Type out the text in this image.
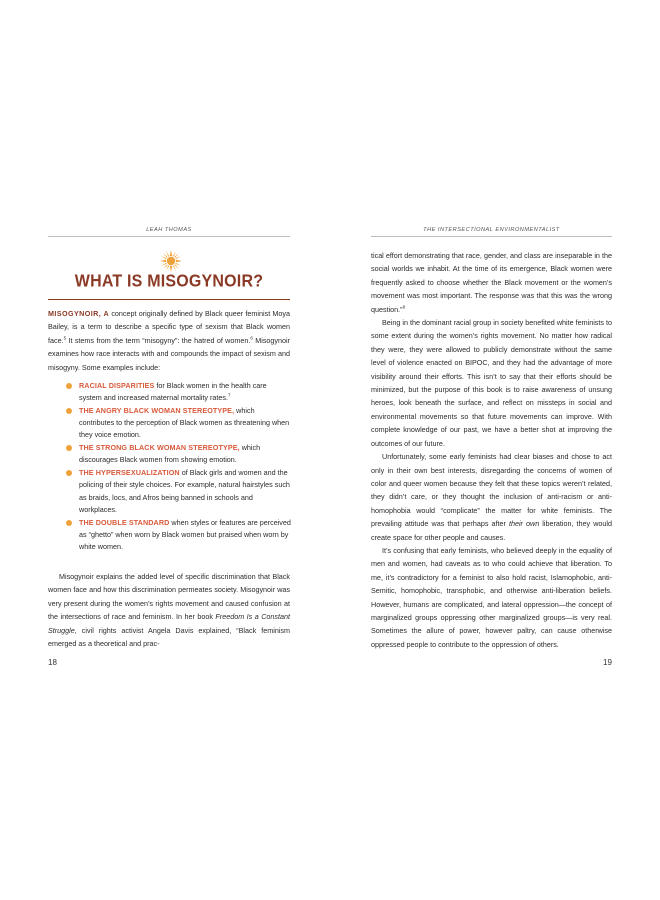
LEAH THOMAS
WHAT IS MISOGYNOIR?

MISOGYNOIR, A concept originally defined by Black queer feminist Moya Bailey, is a term to describe a specific type of sexism that Black women face.$^5$ It stems from the term “misogyny”: the hatred of women.$^6$ Misogynoir examines how race interacts with and compounds the impact of sexism and misogyny. Some examples include:

RACIAL DISPARITIES for Black women in the health care system and increased maternal mortality rates.$^7$
THE ANGRY BLACK WOMAN STEREOTYPE, which contributes to the perception of Black women as threatening when they voice emotion.
THE STRONG BLACK WOMAN STEREOTYPE, which discourages Black women from showing emotion.
THE HYPERSEXUALIZATION of Black girls and women and the policing of their style choices. For example, natural hairstyles such as braids, locs, and Afros being banned in schools and workplaces.
THE DOUBLE STANDARD when styles or features are perceived as “ghetto” when worn by Black women but praised when worn by white women.

Misogynoir explains the added level of specific discrimination that Black women face and how this discrimination permeates society. Misogynoir was very present during the women’s rights movement and caused confusion at the intersections of race and feminism. In her book Freedom Is a Constant Struggle, civil rights activist Angela Davis explained, “Black feminism emerged as a theoretical and prac-

18
THE INTERSECTIONAL ENVIRONMENTALIST

tical effort demonstrating that race, gender, and class are inseparable in the social worlds we inhabit. At the time of its emergence, Black women were frequently asked to choose whether the Black movement or the women’s movement was most important. The response was that this was the wrong question.”$^8$

Being in the dominant racial group in society benefited white feminists to some extent during the women’s rights movement. No matter how radical they were, they were allowed to publicly demonstrate without the same level of violence enacted on BIPOC, and they had the advantage of more visibility around their efforts. This isn’t to say that their efforts should be minimized, but the purpose of this book is to raise awareness of unsung heroes, look beneath the surface, and reflect on missteps in social and environmental movements so that future movements can improve. With complete knowledge of our past, we have a better shot at improving the outcomes of our future.

Unfortunately, some early feminists had clear biases and chose to act only in their own best interests, disregarding the concerns of women of color and queer women because they felt that these topics weren’t related, they didn’t care, or they thought the inclusion of anti-racism or anti-homophobia would “complicate” the matter for white feminists. The prevailing attitude was that perhaps after their own liberation, they would create space for other people and causes.

It’s confusing that early feminists, who believed deeply in the equality of men and women, had caveats as to who could achieve that liberation. To me, it’s contradictory for a feminist to also hold racist, Islamophobic, anti-Semitic, homophobic, transphobic, and otherwise anti-liberation beliefs. However, humans are complicated, and lateral oppression—the concept of marginalized groups oppressing other marginalized groups—is very real. Sometimes the allure of power, however paltry, can cause otherwise oppressed people to contribute to the oppression of others.

19
